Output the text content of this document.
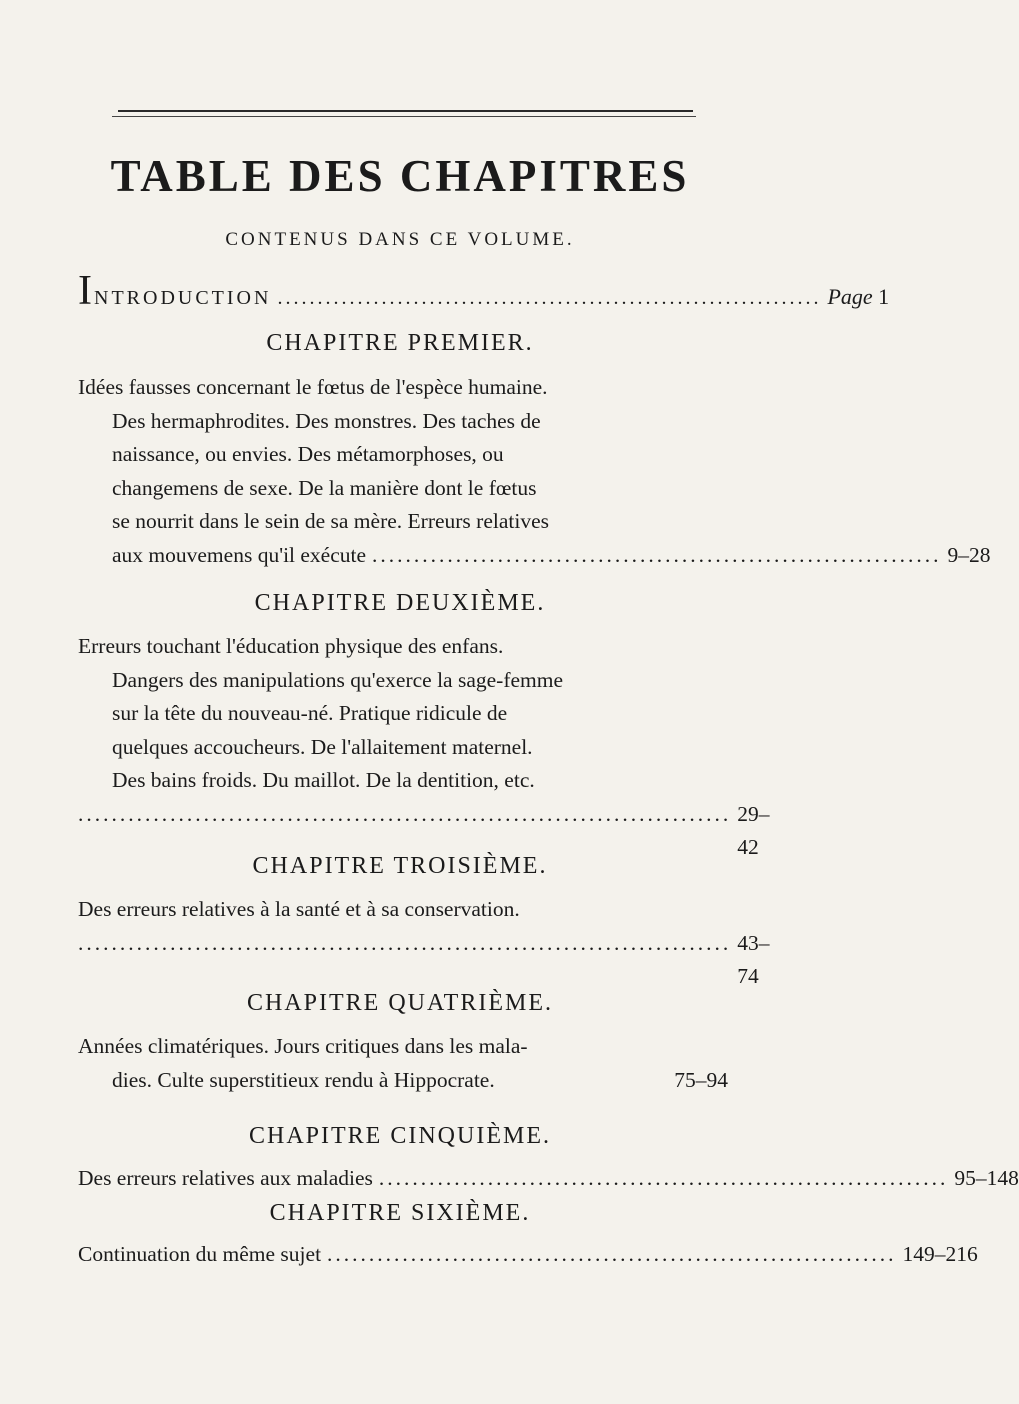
TABLE DES CHAPITRES
CONTENUS DANS CE VOLUME.
INTRODUCTION .................................................................... Page 1
CHAPITRE PREMIER.

Idées fausses concernant le fœtus de l'espèce humaine.

Des hermaphrodites. Des monstres. Des taches de

naissance, ou envies. Des métamorphoses, ou

changemens de sexe. De la manière dont le fœtus

se nourrit dans le sein de sa mère. Erreurs relatives

aux mouvemens qu'il exécute .................................................................... 9–28
CHAPITRE DEUXIÈME.

Erreurs touchant l'éducation physique des enfans.

Dangers des manipulations qu'exerce la sage-femme

sur la tête du nouveau-né. Pratique ridicule de

quelques accoucheurs. De l'allaitement maternel.

Des bains froids. Du maillot. De la dentition, etc.

.............................................................................. 29–42
CHAPITRE TROISIÈME.

Des erreurs relatives à la santé et à sa conservation.

.............................................................................. 43–74
CHAPITRE QUATRIÈME.

Années climatériques. Jours critiques dans les mala-

dies. Culte superstitieux rendu à Hippocrate.	75–94
CHAPITRE CINQUIÈME.
Des erreurs relatives aux maladies .................................................................... 95–148
CHAPITRE SIXIÈME.
Continuation du même sujet .................................................................... 149–216
